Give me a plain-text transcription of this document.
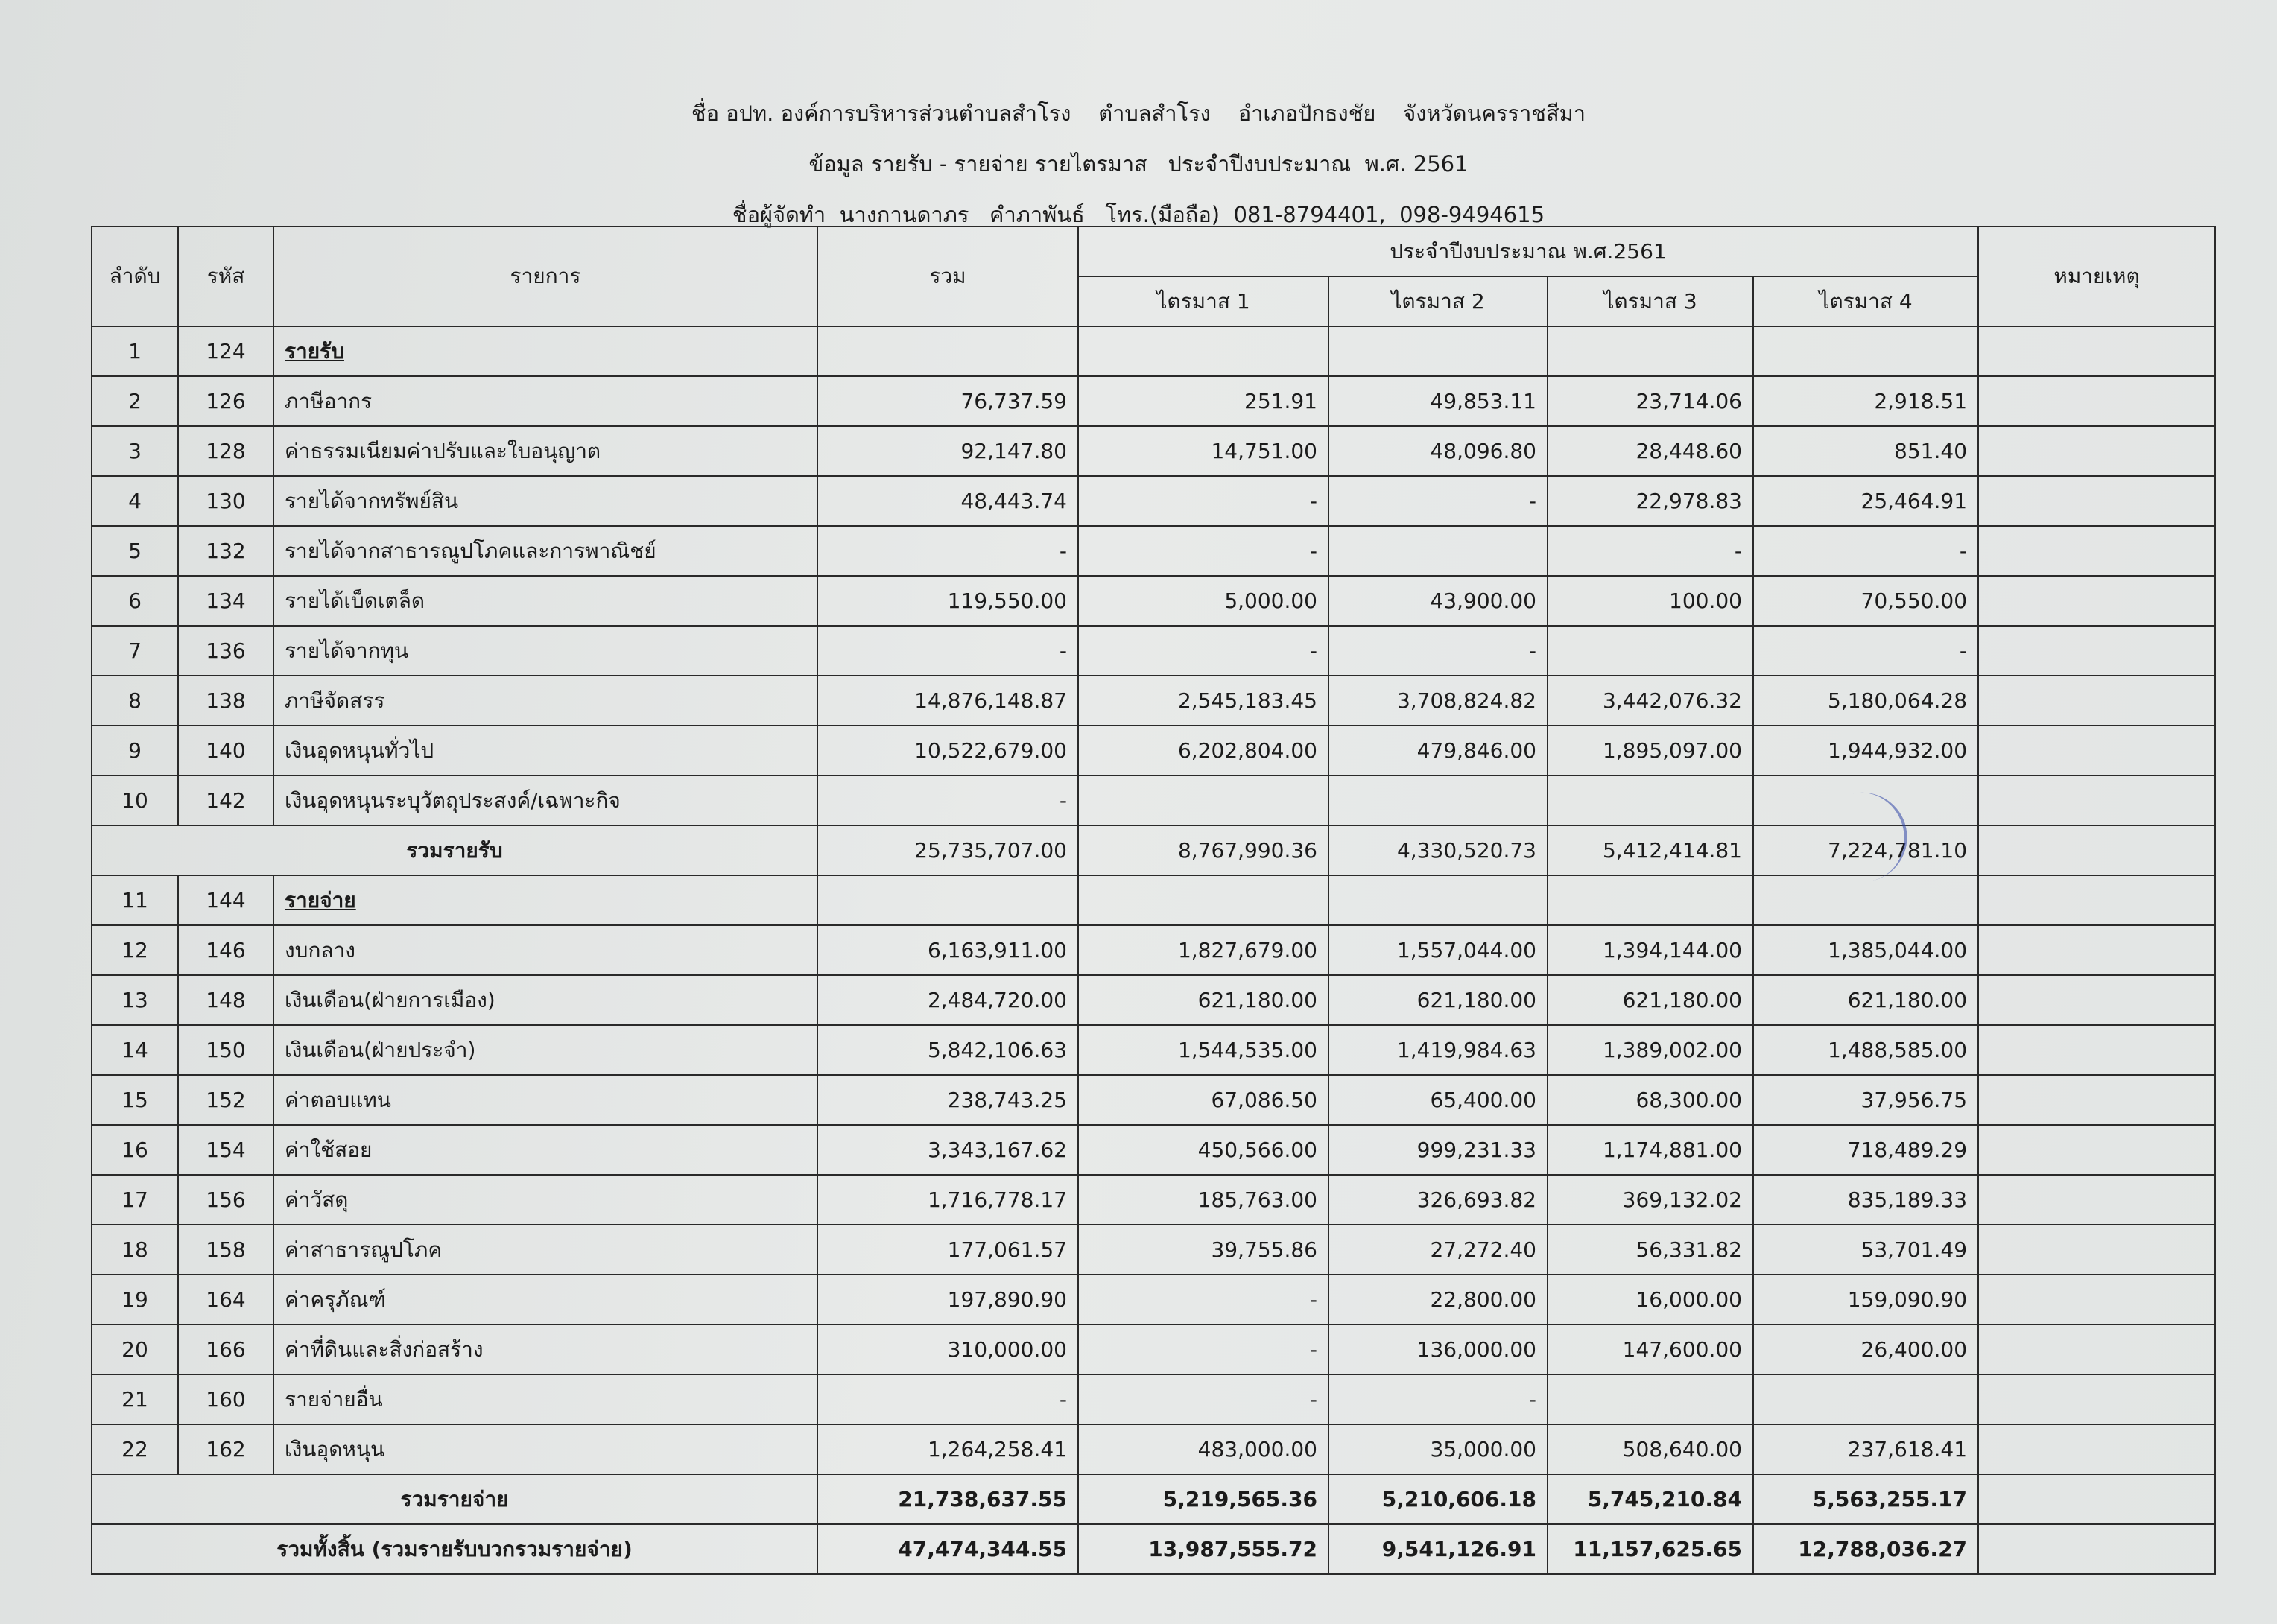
ชื่อ อปท. องค์การบริหารส่วนตำบลสำโรง    ตำบลสำโรง    อำเภอปักธงชัย    จังหวัดนครราชสีมา
ข้อมูล รายรับ - รายจ่าย รายไตรมาส   ประจำปีงบประมาณ  พ.ศ. 2561
ชื่อผู้จัดทำ  นางกานดาภร   คำภาพันธ์   โทร.(มือถือ)  081-8794401,  098-9494615
ลำดับ	รหัส	รายการ	รวม	ประจำปีงบประมาณ พ.ศ.2561				หมายเหตุ
				ไตรมาส 1	ไตรมาส 2	ไตรมาส 3	ไตรมาส 4	
1	124	รายรับ						
2	126	ภาษีอากร	76,737.59	251.91	49,853.11	23,714.06	2,918.51	
3	128	ค่าธรรมเนียมค่าปรับและใบอนุญาต	92,147.80	14,751.00	48,096.80	28,448.60	851.40	
4	130	รายได้จากทรัพย์สิน	48,443.74	-	-	22,978.83	25,464.91	
5	132	รายได้จากสาธารณูปโภคและการพาณิชย์	-	-		-	-	
6	134	รายได้เบ็ดเตล็ด	119,550.00	5,000.00	43,900.00	100.00	70,550.00	
7	136	รายได้จากทุน	-	-	-		-	
8	138	ภาษีจัดสรร	14,876,148.87	2,545,183.45	3,708,824.82	3,442,076.32	5,180,064.28	
9	140	เงินอุดหนุนทั่วไป	10,522,679.00	6,202,804.00	479,846.00	1,895,097.00	1,944,932.00	
10	142	เงินอุดหนุนระบุวัตถุประสงค์/เฉพาะกิจ	-					
รวมรายรับ			25,735,707.00	8,767,990.36	4,330,520.73	5,412,414.81	7,224,781.10	
11	144	รายจ่าย						
12	146	งบกลาง	6,163,911.00	1,827,679.00	1,557,044.00	1,394,144.00	1,385,044.00	
13	148	เงินเดือน(ฝ่ายการเมือง)	2,484,720.00	621,180.00	621,180.00	621,180.00	621,180.00	
14	150	เงินเดือน(ฝ่ายประจำ)	5,842,106.63	1,544,535.00	1,419,984.63	1,389,002.00	1,488,585.00	
15	152	ค่าตอบแทน	238,743.25	67,086.50	65,400.00	68,300.00	37,956.75	
16	154	ค่าใช้สอย	3,343,167.62	450,566.00	999,231.33	1,174,881.00	718,489.29	
17	156	ค่าวัสดุ	1,716,778.17	185,763.00	326,693.82	369,132.02	835,189.33	
18	158	ค่าสาธารณูปโภค	177,061.57	39,755.86	27,272.40	56,331.82	53,701.49	
19	164	ค่าครุภัณฑ์	197,890.90	-	22,800.00	16,000.00	159,090.90	
20	166	ค่าที่ดินและสิ่งก่อสร้าง	310,000.00	-	136,000.00	147,600.00	26,400.00	
21	160	รายจ่ายอื่น	-	-	-			
22	162	เงินอุดหนุน	1,264,258.41	483,000.00	35,000.00	508,640.00	237,618.41	
รวมรายจ่าย			21,738,637.55	5,219,565.36	5,210,606.18	5,745,210.84	5,563,255.17	
รวมทั้งสิ้น (รวมรายรับบวกรวมรายจ่าย)			47,474,344.55	13,987,555.72	9,541,126.91	11,157,625.65	12,788,036.27	
